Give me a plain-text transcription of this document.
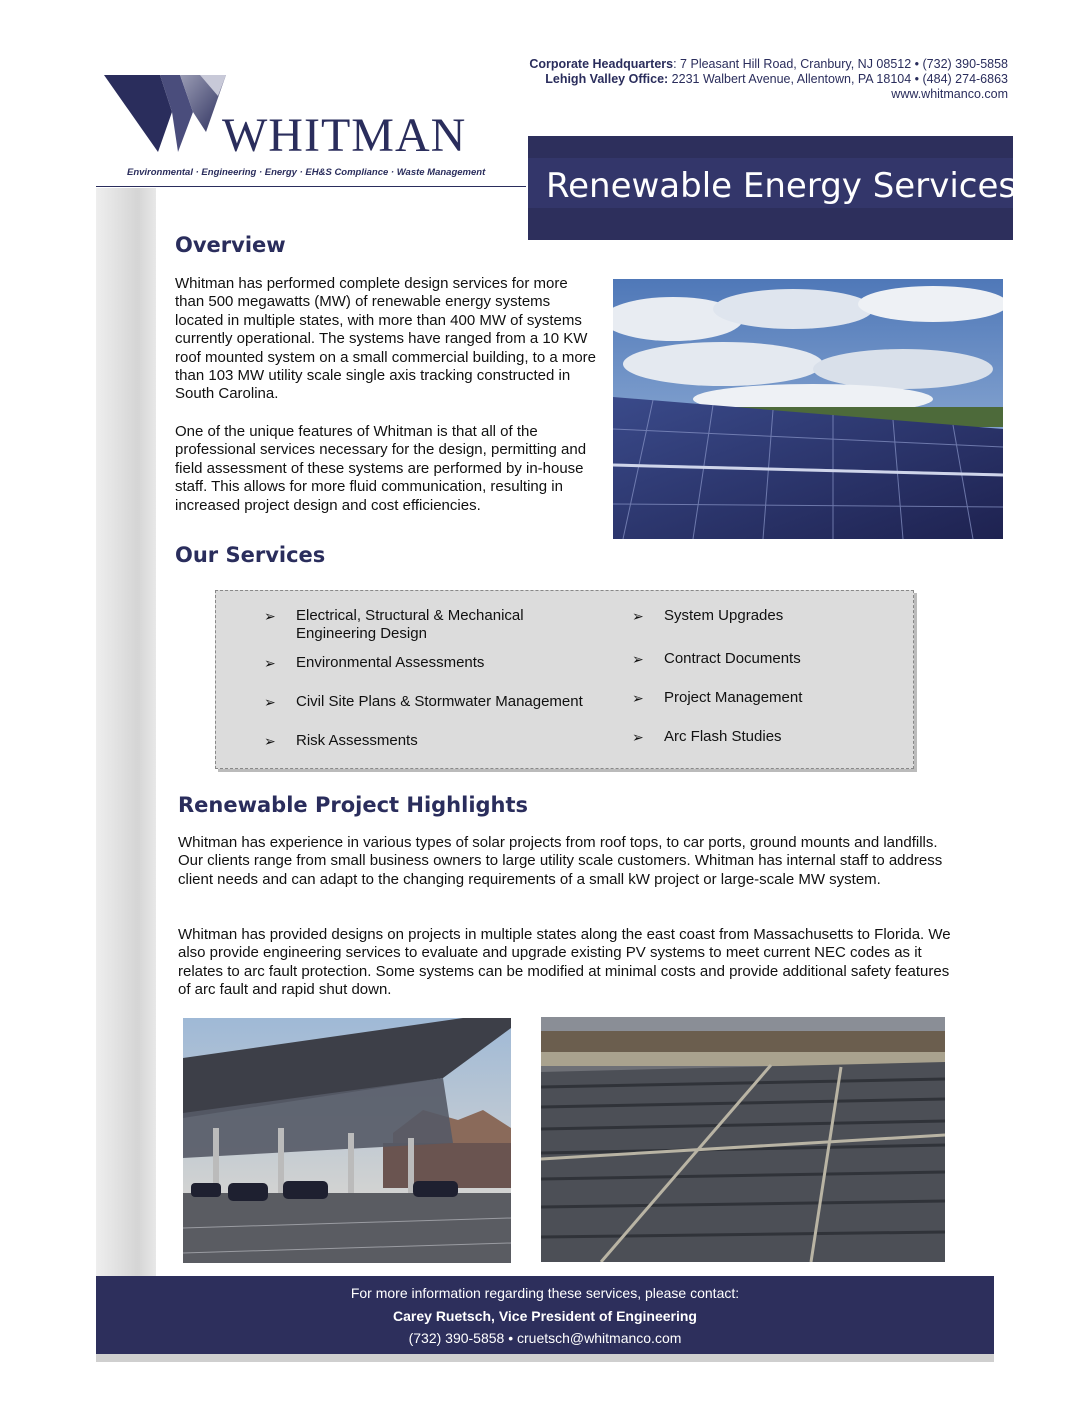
Corporate Headquarters: 7 Pleasant Hill Road, Cranbury, NJ 08512 • (732) 390-5858
Lehigh Valley Office: 2231 Walbert Avenue, Allentown, PA 18104 • (484) 274-6863
www.whitmanco.com
WHITMAN
Environmental · Engineering · Energy · EH&S Compliance · Waste Management Renewable Energy Services
Overview
Whitman has performed complete design services for more than 500 megawatts (MW) of renewable energy systems located in multiple states, with more than 400 MW of systems currently operational. The systems have ranged from a 10 KW roof mounted system on a small commercial building, to a more than 103 MW utility scale single axis tracking constructed in South Carolina.
One of the unique features of Whitman is that all of the professional services necessary for the design, permitting and field assessment of these systems are performed by in-house staff. This allows for more fluid communication, resulting in increased project design and cost efficiencies.
Our Services
➢ Electrical, Structural & Mechanical Engineering Design
➢ Environmental Assessments
➢ Civil Site Plans & Stormwater Management
➢ Risk Assessments
➢ System Upgrades
➢ Contract Documents
➢ Project Management
➢ Arc Flash Studies
Renewable Project Highlights
Whitman has experience in various types of solar projects from roof tops, to car ports, ground mounts and landfills. Our clients range from small business owners to large utility scale customers. Whitman has internal staff to address client needs and can adapt to the changing requirements of a small kW project or large-scale MW system.
Whitman has provided designs on projects in multiple states along the east coast from Massachusetts to Florida. We also provide engineering services to evaluate and upgrade existing PV systems to meet current NEC codes as it relates to arc fault protection. Some systems can be modified at minimal costs and provide additional safety features of arc fault and rapid shut down.
For more information regarding these services, please contact:
Carey Ruetsch, Vice President of Engineering
(732) 390-5858 • cruetsch@whitmanco.com
